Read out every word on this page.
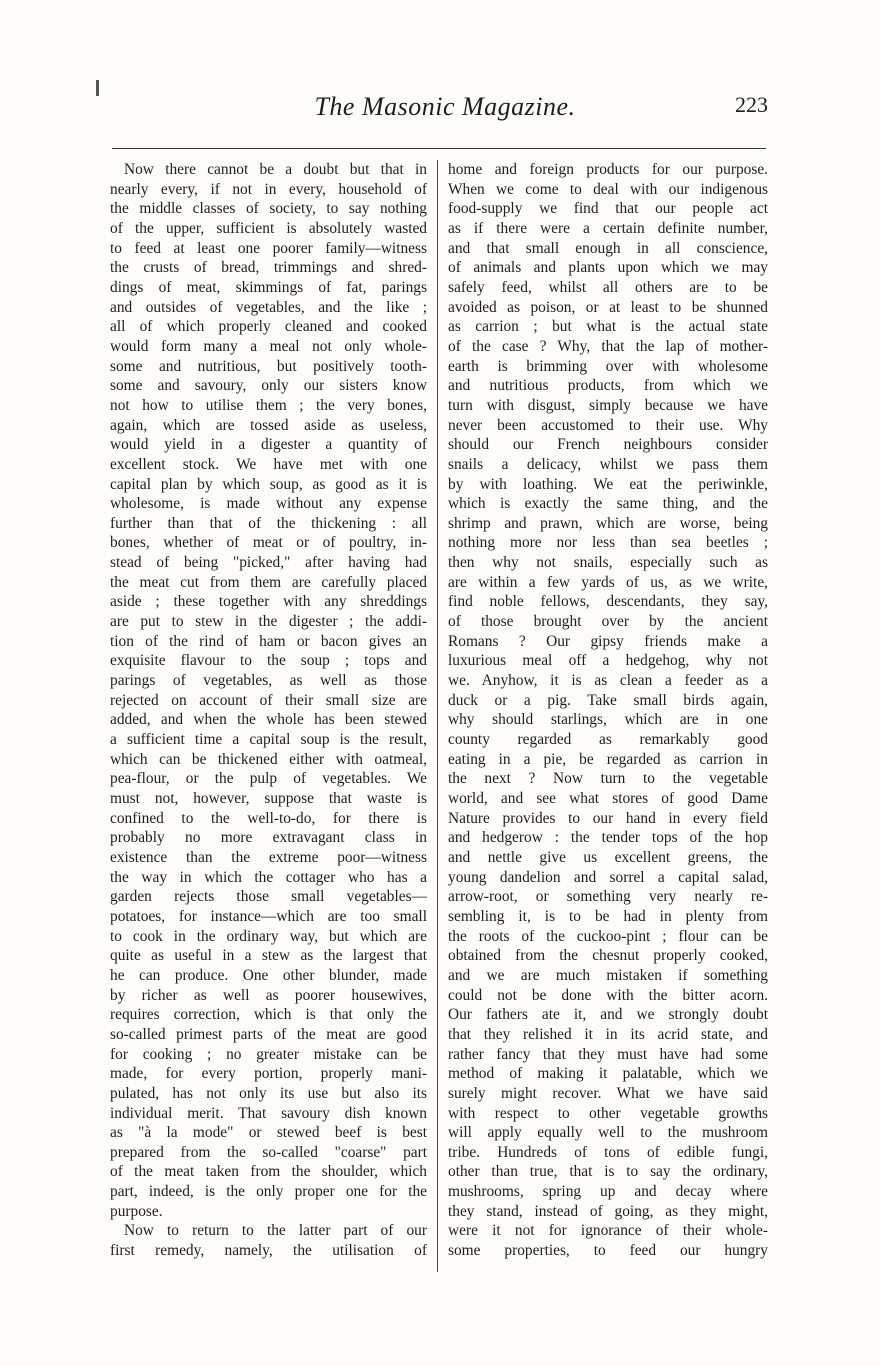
The Masonic Magazine.	223
Now there cannot be a doubt but that in
nearly every, if not in every, household of
the middle classes of society, to say nothing
of the upper, sufficient is absolutely wasted
to feed at least one poorer family—witness
the crusts of bread, trimmings and shred-
dings of meat, skimmings of fat, parings
and outsides of vegetables, and the like ;
all of which properly cleaned and cooked
would form many a meal not only whole-
some and nutritious, but positively tooth-
some and savoury, only our sisters know
not how to utilise them ; the very bones,
again, which are tossed aside as useless,
would yield in a digester a quantity of
excellent stock. We have met with one
capital plan by which soup, as good as it is
wholesome, is made without any expense
further than that of the thickening : all
bones, whether of meat or of poultry, in-
stead of being "picked," after having had
the meat cut from them are carefully placed
aside ; these together with any shreddings
are put to stew in the digester ; the addi-
tion of the rind of ham or bacon gives an
exquisite flavour to the soup ; tops and
parings of vegetables, as well as those
rejected on account of their small size are
added, and when the whole has been stewed
a sufficient time a capital soup is the result,
which can be thickened either with oatmeal,
pea-flour, or the pulp of vegetables. We
must not, however, suppose that waste is
confined to the well-to-do, for there is
probably no more extravagant class in
existence than the extreme poor—witness
the way in which the cottager who has a
garden rejects those small vegetables—
potatoes, for instance—which are too small
to cook in the ordinary way, but which are
quite as useful in a stew as the largest that
he can produce. One other blunder, made
by richer as well as poorer housewives,
requires correction, which is that only the
so-called primest parts of the meat are good
for cooking ; no greater mistake can be
made, for every portion, properly mani-
pulated, has not only its use but also its
individual merit. That savoury dish known
as "à la mode" or stewed beef is best
prepared from the so-called "coarse" part
of the meat taken from the shoulder, which
part, indeed, is the only proper one for the
purpose.
Now to return to the latter part of our
first remedy, namely, the utilisation of
home and foreign products for our purpose.
When we come to deal with our indigenous
food-supply we find that our people act
as if there were a certain definite number,
and that small enough in all conscience,
of animals and plants upon which we may
safely feed, whilst all others are to be
avoided as poison, or at least to be shunned
as carrion ; but what is the actual state
of the case ? Why, that the lap of mother-
earth is brimming over with wholesome
and nutritious products, from which we
turn with disgust, simply because we have
never been accustomed to their use. Why
should our French neighbours consider
snails a delicacy, whilst we pass them
by with loathing. We eat the periwinkle,
which is exactly the same thing, and the
shrimp and prawn, which are worse, being
nothing more nor less than sea beetles ;
then why not snails, especially such as
are within a few yards of us, as we write,
find noble fellows, descendants, they say,
of those brought over by the ancient
Romans ? Our gipsy friends make a
luxurious meal off a hedgehog, why not
we. Anyhow, it is as clean a feeder as a
duck or a pig. Take small birds again,
why should starlings, which are in one
county regarded as remarkably good
eating in a pie, be regarded as carrion in
the next ? Now turn to the vegetable
world, and see what stores of good Dame
Nature provides to our hand in every field
and hedgerow : the tender tops of the hop
and nettle give us excellent greens, the
young dandelion and sorrel a capital salad,
arrow-root, or something very nearly re-
sembling it, is to be had in plenty from
the roots of the cuckoo-pint ; flour can be
obtained from the chesnut properly cooked,
and we are much mistaken if something
could not be done with the bitter acorn.
Our fathers ate it, and we strongly doubt
that they relished it in its acrid state, and
rather fancy that they must have had some
method of making it palatable, which we
surely might recover. What we have said
with respect to other vegetable growths
will apply equally well to the mushroom
tribe. Hundreds of tons of edible fungi,
other than true, that is to say the ordinary,
mushrooms, spring up and decay where
they stand, instead of going, as they might,
were it not for ignorance of their whole-
some properties, to feed our hungry
